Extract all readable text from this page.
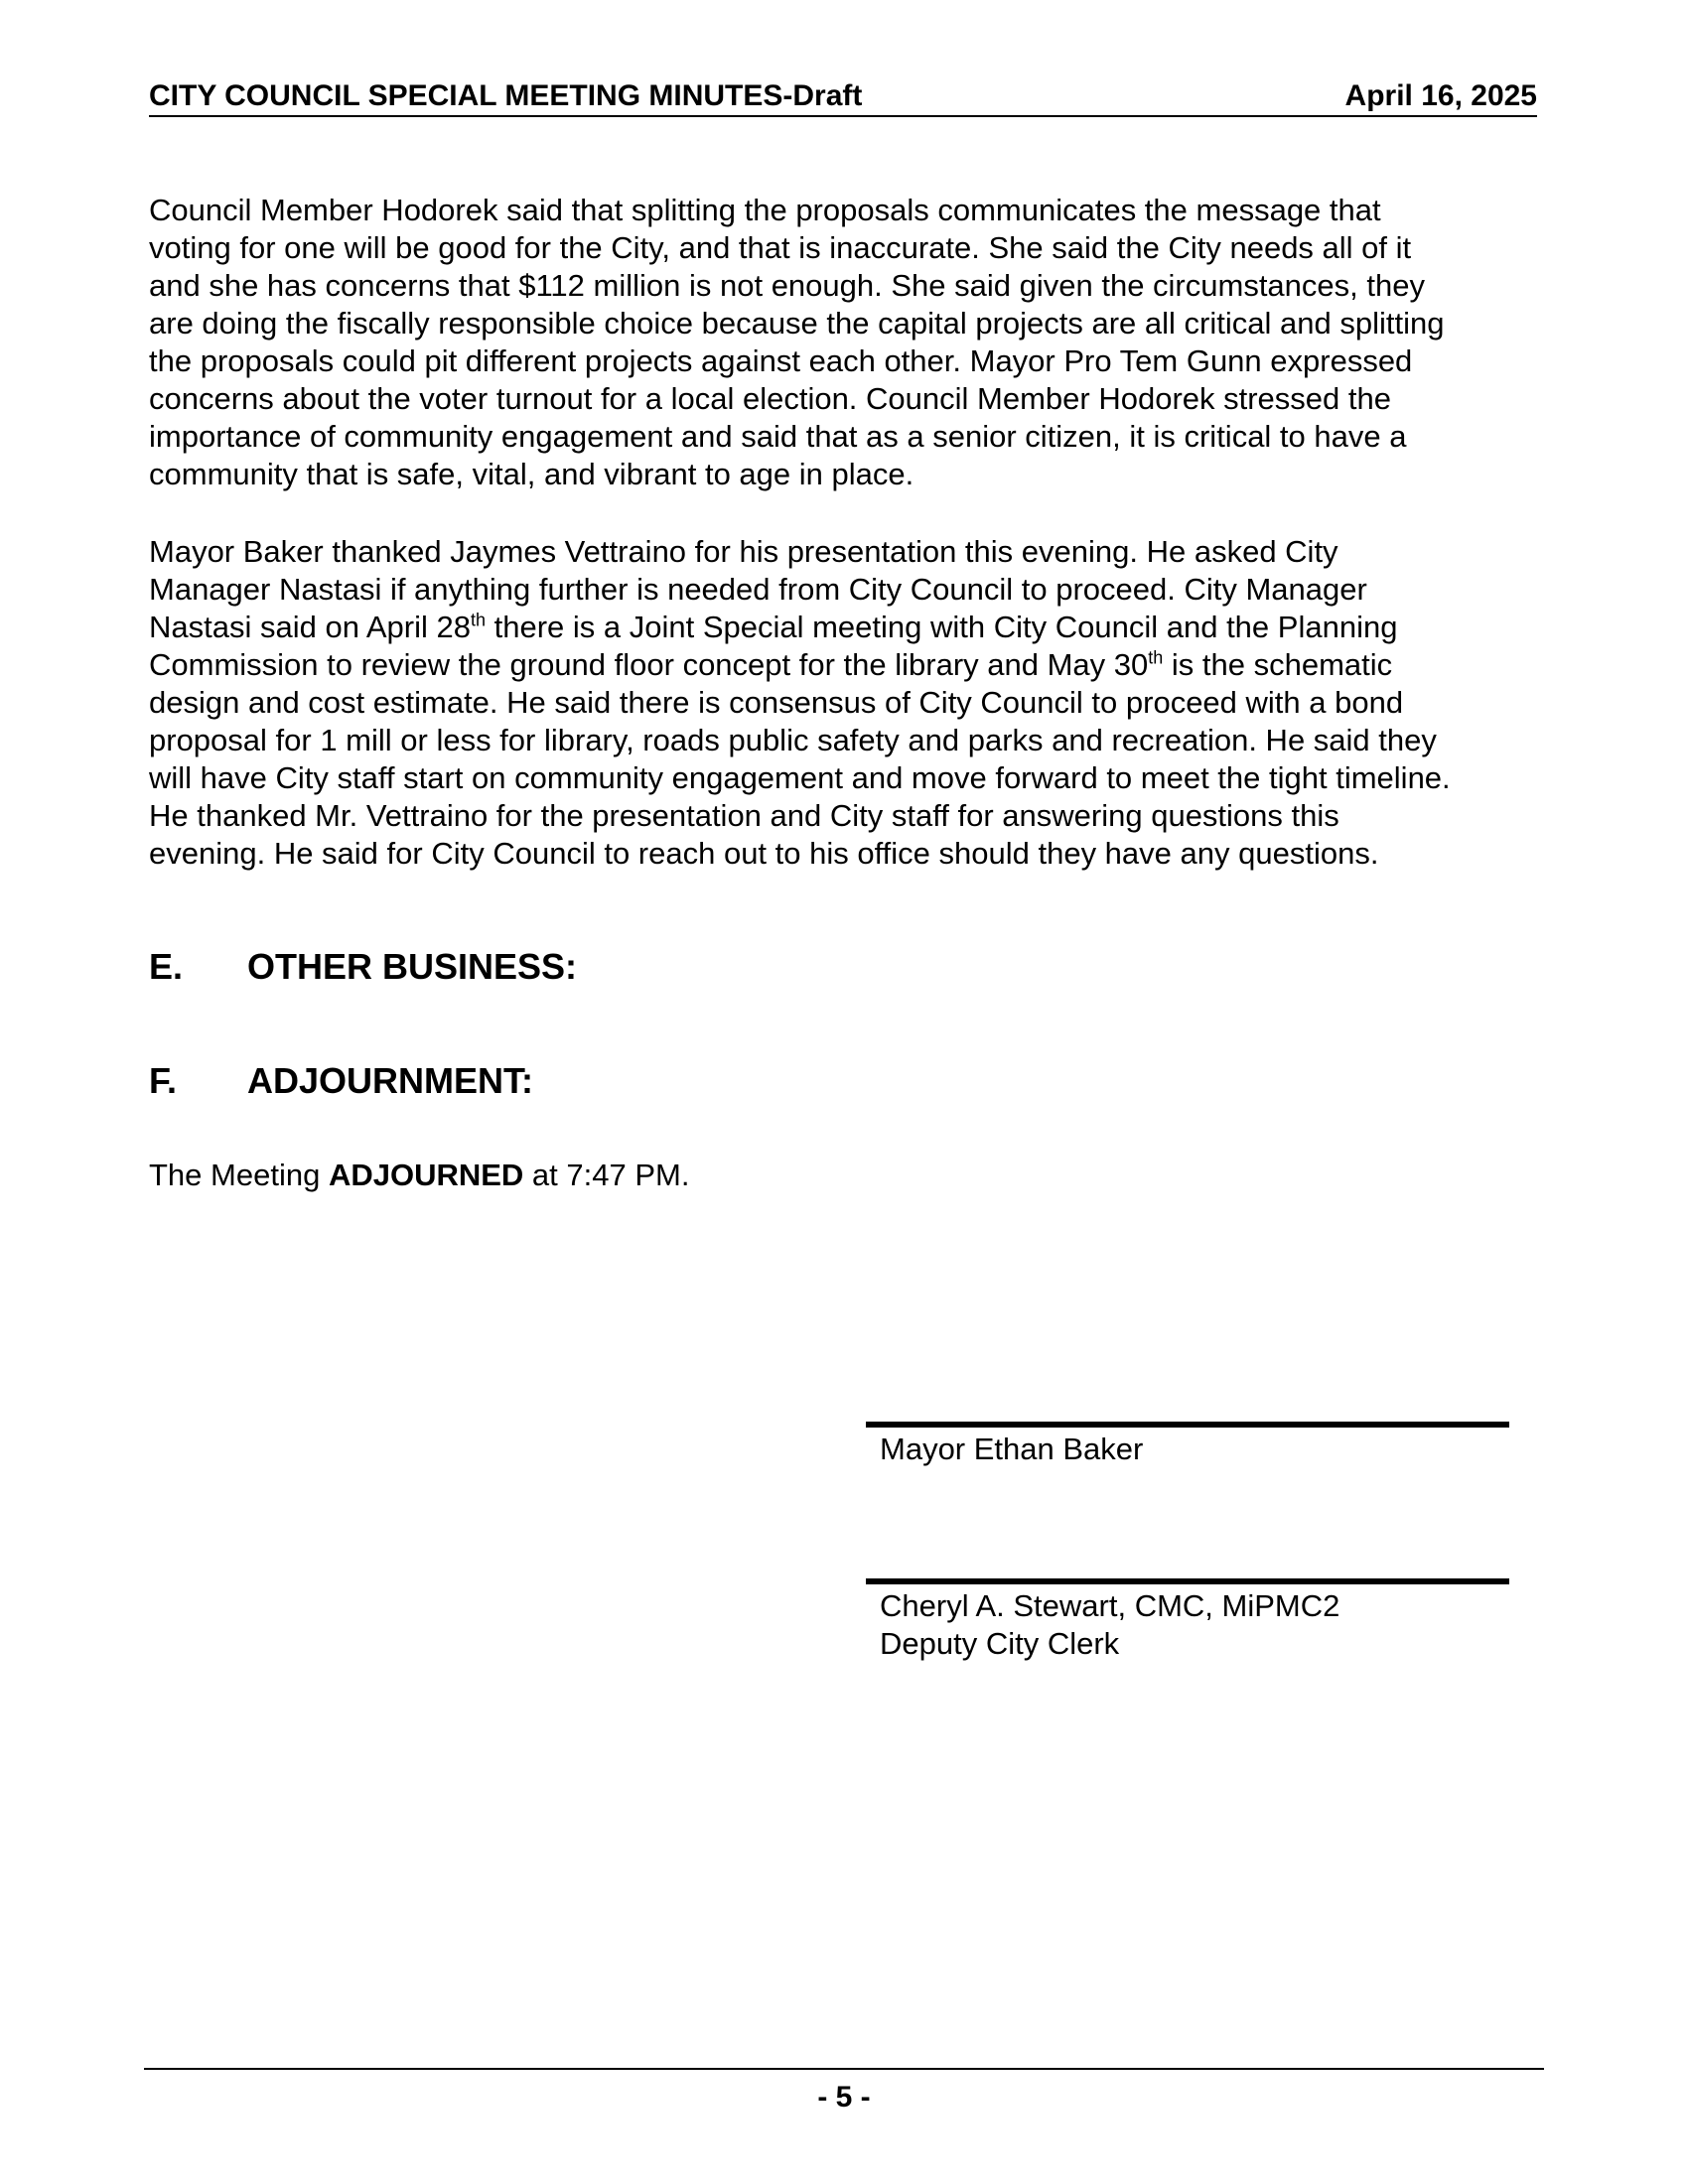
CITY COUNCIL SPECIAL MEETING MINUTES-Draft	April 16, 2025

Council Member Hodorek said that splitting the proposals communicates the message that

voting for one will be good for the City, and that is inaccurate. She said the City needs all of it

and she has concerns that $112 million is not enough. She said given the circumstances, they

are doing the fiscally responsible choice because the capital projects are all critical and splitting

the proposals could pit different projects against each other. Mayor Pro Tem Gunn expressed

concerns about the voter turnout for a local election. Council Member Hodorek stressed the

importance of community engagement and said that as a senior citizen, it is critical to have a

community that is safe, vital, and vibrant to age in place.

Mayor Baker thanked Jaymes Vettraino for his presentation this evening. He asked City

Manager Nastasi if anything further is needed from City Council to proceed. City Manager

Nastasi said on April 28th there is a Joint Special meeting with City Council and the Planning

Commission to review the ground floor concept for the library and May 30th is the schematic

design and cost estimate. He said there is consensus of City Council to proceed with a bond

proposal for 1 mill or less for library, roads public safety and parks and recreation. He said they

will have City staff start on community engagement and move forward to meet the tight timeline.

He thanked Mr. Vettraino for the presentation and City staff for answering questions this

evening. He said for City Council to reach out to his office should they have any questions.

E. OTHER BUSINESS:
F. ADJOURNMENT:
The Meeting ADJOURNED at 7:47 PM.
Mayor Ethan Baker
Cheryl A. Stewart, CMC, MiPMC2
Deputy City Clerk
- 5 -
